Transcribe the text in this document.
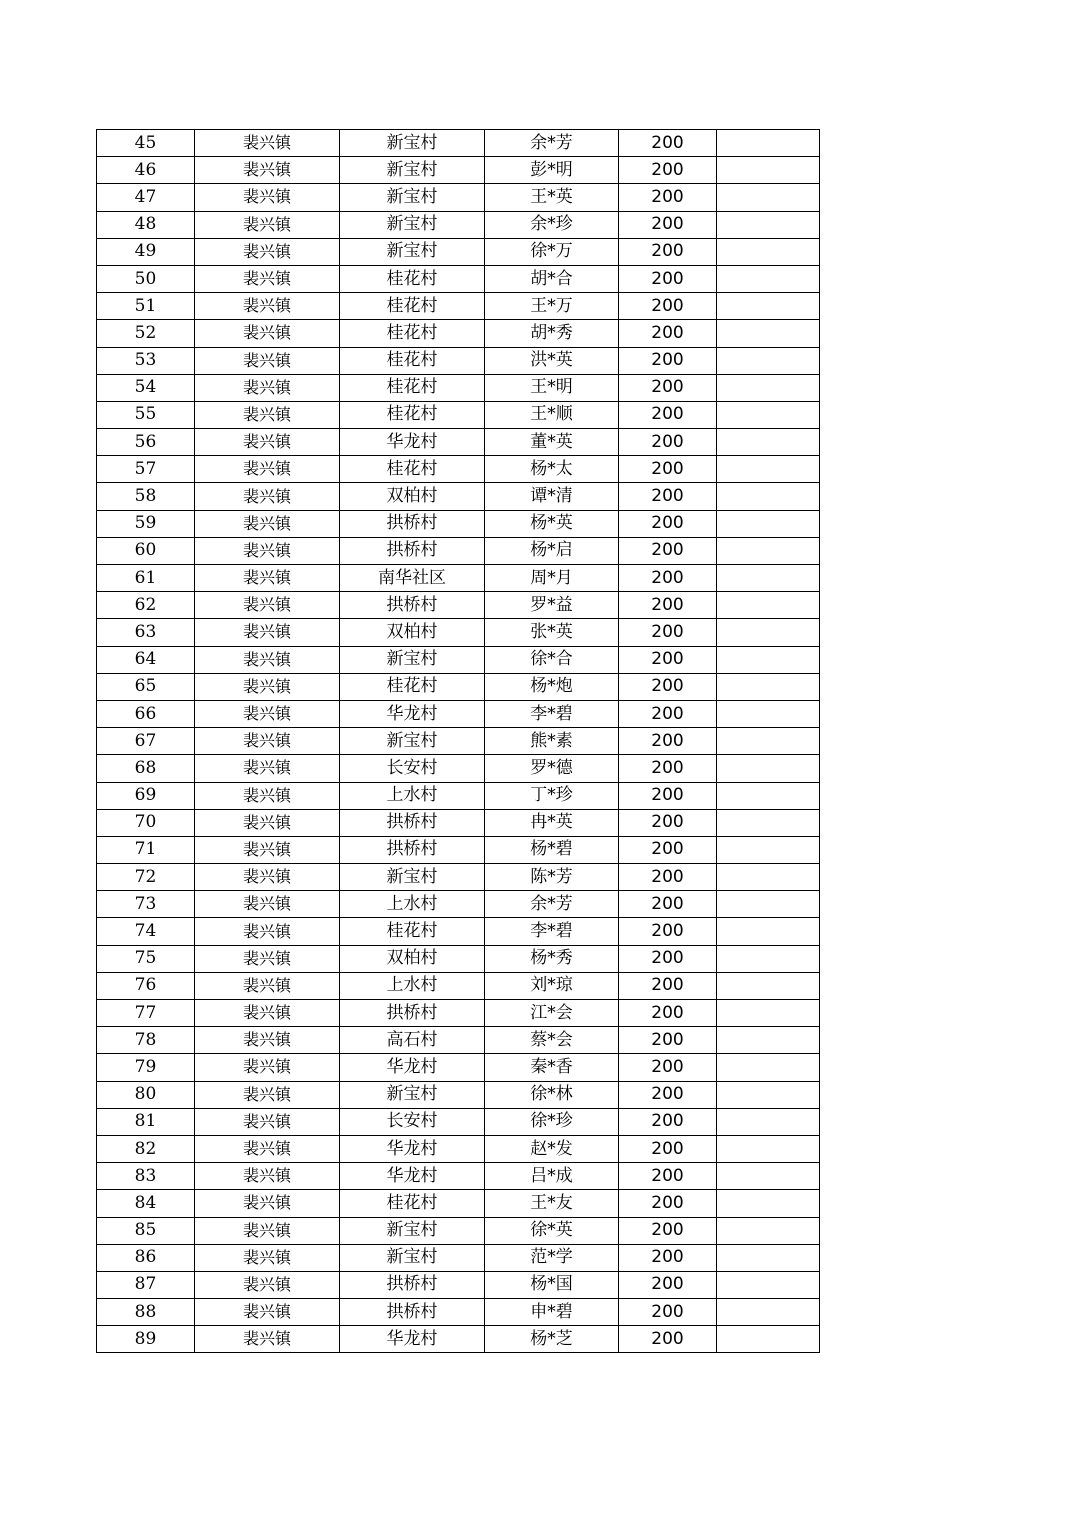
45	裴兴镇	新宝村	余*芳	200	
46	裴兴镇	新宝村	彭*明	200	
47	裴兴镇	新宝村	王*英	200	
48	裴兴镇	新宝村	余*珍	200	
49	裴兴镇	新宝村	徐*万	200	
50	裴兴镇	桂花村	胡*合	200	
51	裴兴镇	桂花村	王*万	200	
52	裴兴镇	桂花村	胡*秀	200	
53	裴兴镇	桂花村	洪*英	200	
54	裴兴镇	桂花村	王*明	200	
55	裴兴镇	桂花村	王*顺	200	
56	裴兴镇	华龙村	董*英	200	
57	裴兴镇	桂花村	杨*太	200	
58	裴兴镇	双柏村	谭*清	200	
59	裴兴镇	拱桥村	杨*英	200	
60	裴兴镇	拱桥村	杨*启	200	
61	裴兴镇	南华社区	周*月	200	
62	裴兴镇	拱桥村	罗*益	200	
63	裴兴镇	双柏村	张*英	200	
64	裴兴镇	新宝村	徐*合	200	
65	裴兴镇	桂花村	杨*炮	200	
66	裴兴镇	华龙村	李*碧	200	
67	裴兴镇	新宝村	熊*素	200	
68	裴兴镇	长安村	罗*德	200	
69	裴兴镇	上水村	丁*珍	200	
70	裴兴镇	拱桥村	冉*英	200	
71	裴兴镇	拱桥村	杨*碧	200	
72	裴兴镇	新宝村	陈*芳	200	
73	裴兴镇	上水村	余*芳	200	
74	裴兴镇	桂花村	李*碧	200	
75	裴兴镇	双柏村	杨*秀	200	
76	裴兴镇	上水村	刘*琼	200	
77	裴兴镇	拱桥村	江*会	200	
78	裴兴镇	高石村	蔡*会	200	
79	裴兴镇	华龙村	秦*香	200	
80	裴兴镇	新宝村	徐*林	200	
81	裴兴镇	长安村	徐*珍	200	
82	裴兴镇	华龙村	赵*发	200	
83	裴兴镇	华龙村	吕*成	200	
84	裴兴镇	桂花村	王*友	200	
85	裴兴镇	新宝村	徐*英	200	
86	裴兴镇	新宝村	范*学	200	
87	裴兴镇	拱桥村	杨*国	200	
88	裴兴镇	拱桥村	申*碧	200	
89	裴兴镇	华龙村	杨*芝	200	
